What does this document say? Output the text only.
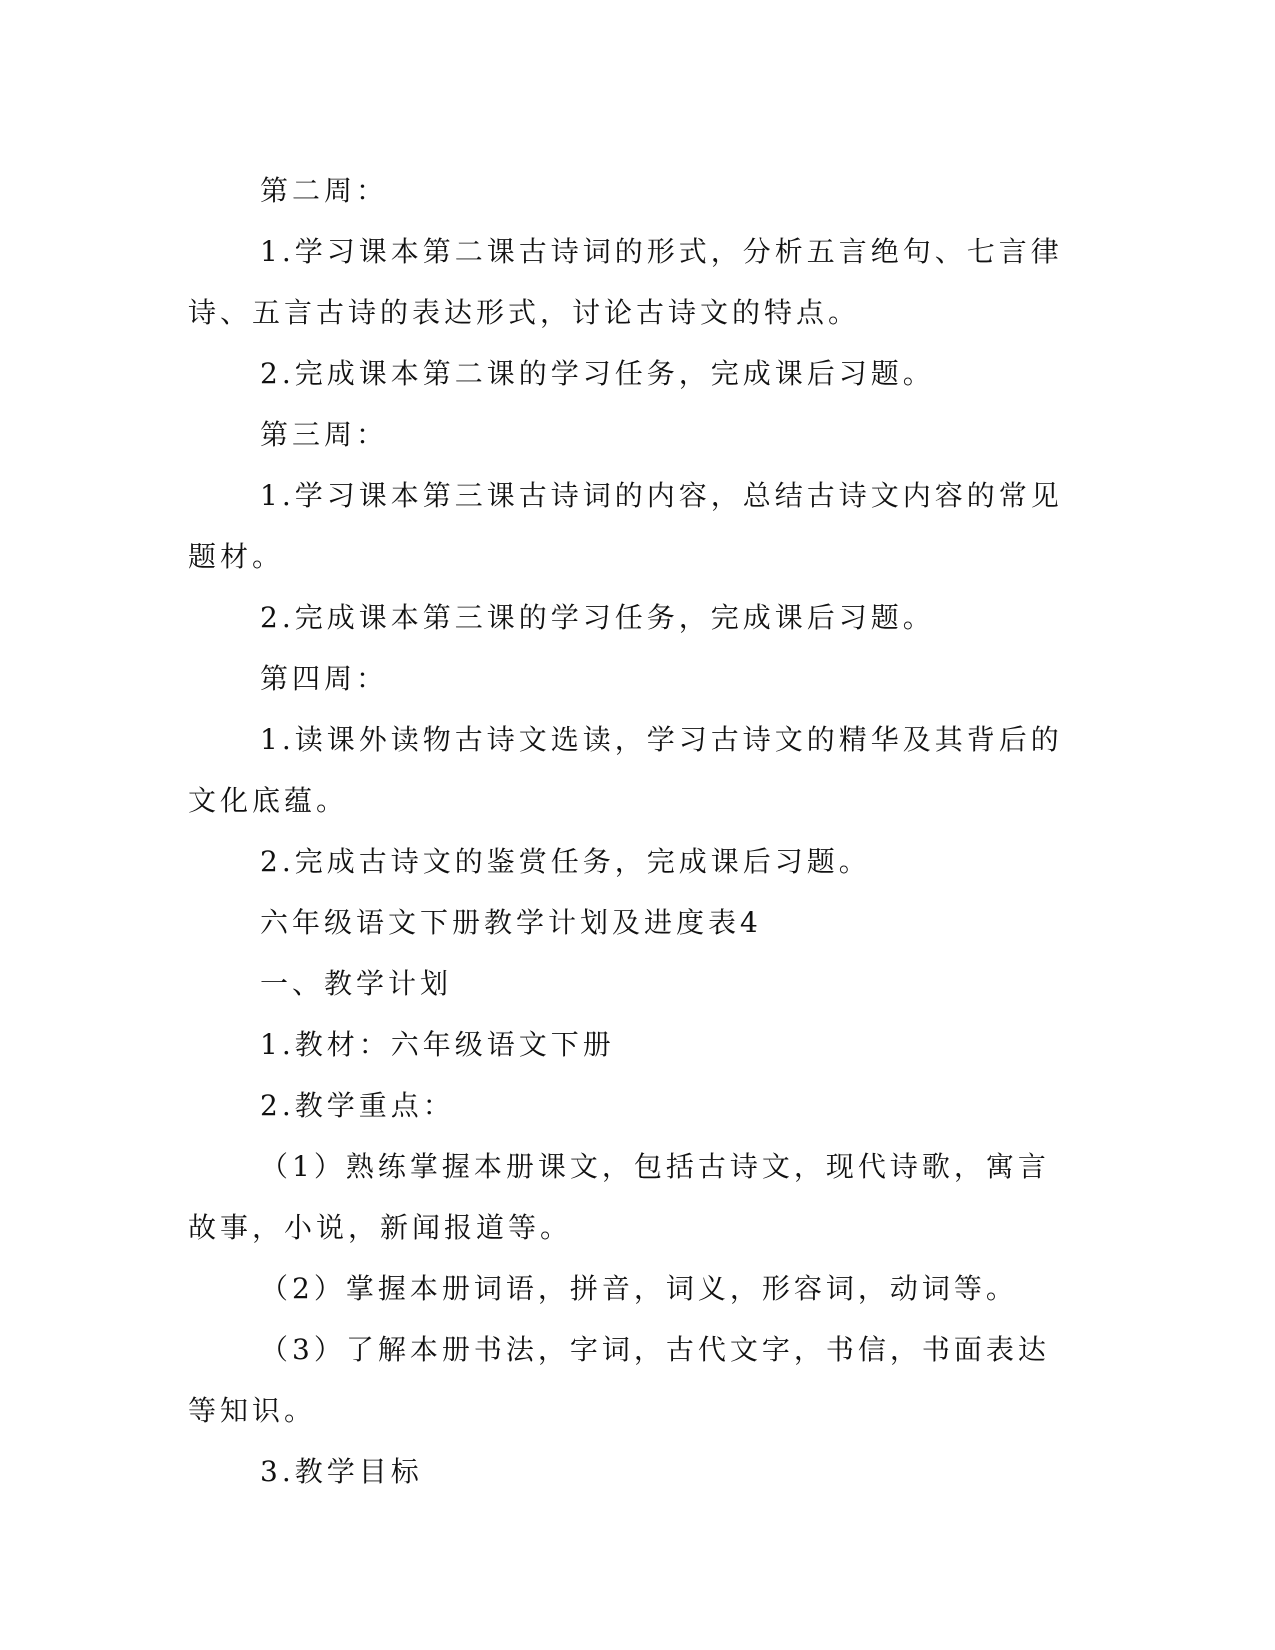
第二周：

1.学习课本第二课古诗词的形式，分析五言绝句、七言律诗、五言古诗的表达形式，讨论古诗文的特点。

2.完成课本第二课的学习任务，完成课后习题。

第三周：

1.学习课本第三课古诗词的内容，总结古诗文内容的常见题材。

2.完成课本第三课的学习任务，完成课后习题。

第四周：

1.读课外读物古诗文选读，学习古诗文的精华及其背后的文化底蕴。

2.完成古诗文的鉴赏任务，完成课后习题。

六年级语文下册教学计划及进度表4

一、教学计划

1.教材：六年级语文下册

2.教学重点：

（1）熟练掌握本册课文，包括古诗文，现代诗歌，寓言故事，小说，新闻报道等。

（2）掌握本册词语，拼音，词义，形容词，动词等。

（3）了解本册书法，字词，古代文字，书信，书面表达等知识。

3.教学目标
